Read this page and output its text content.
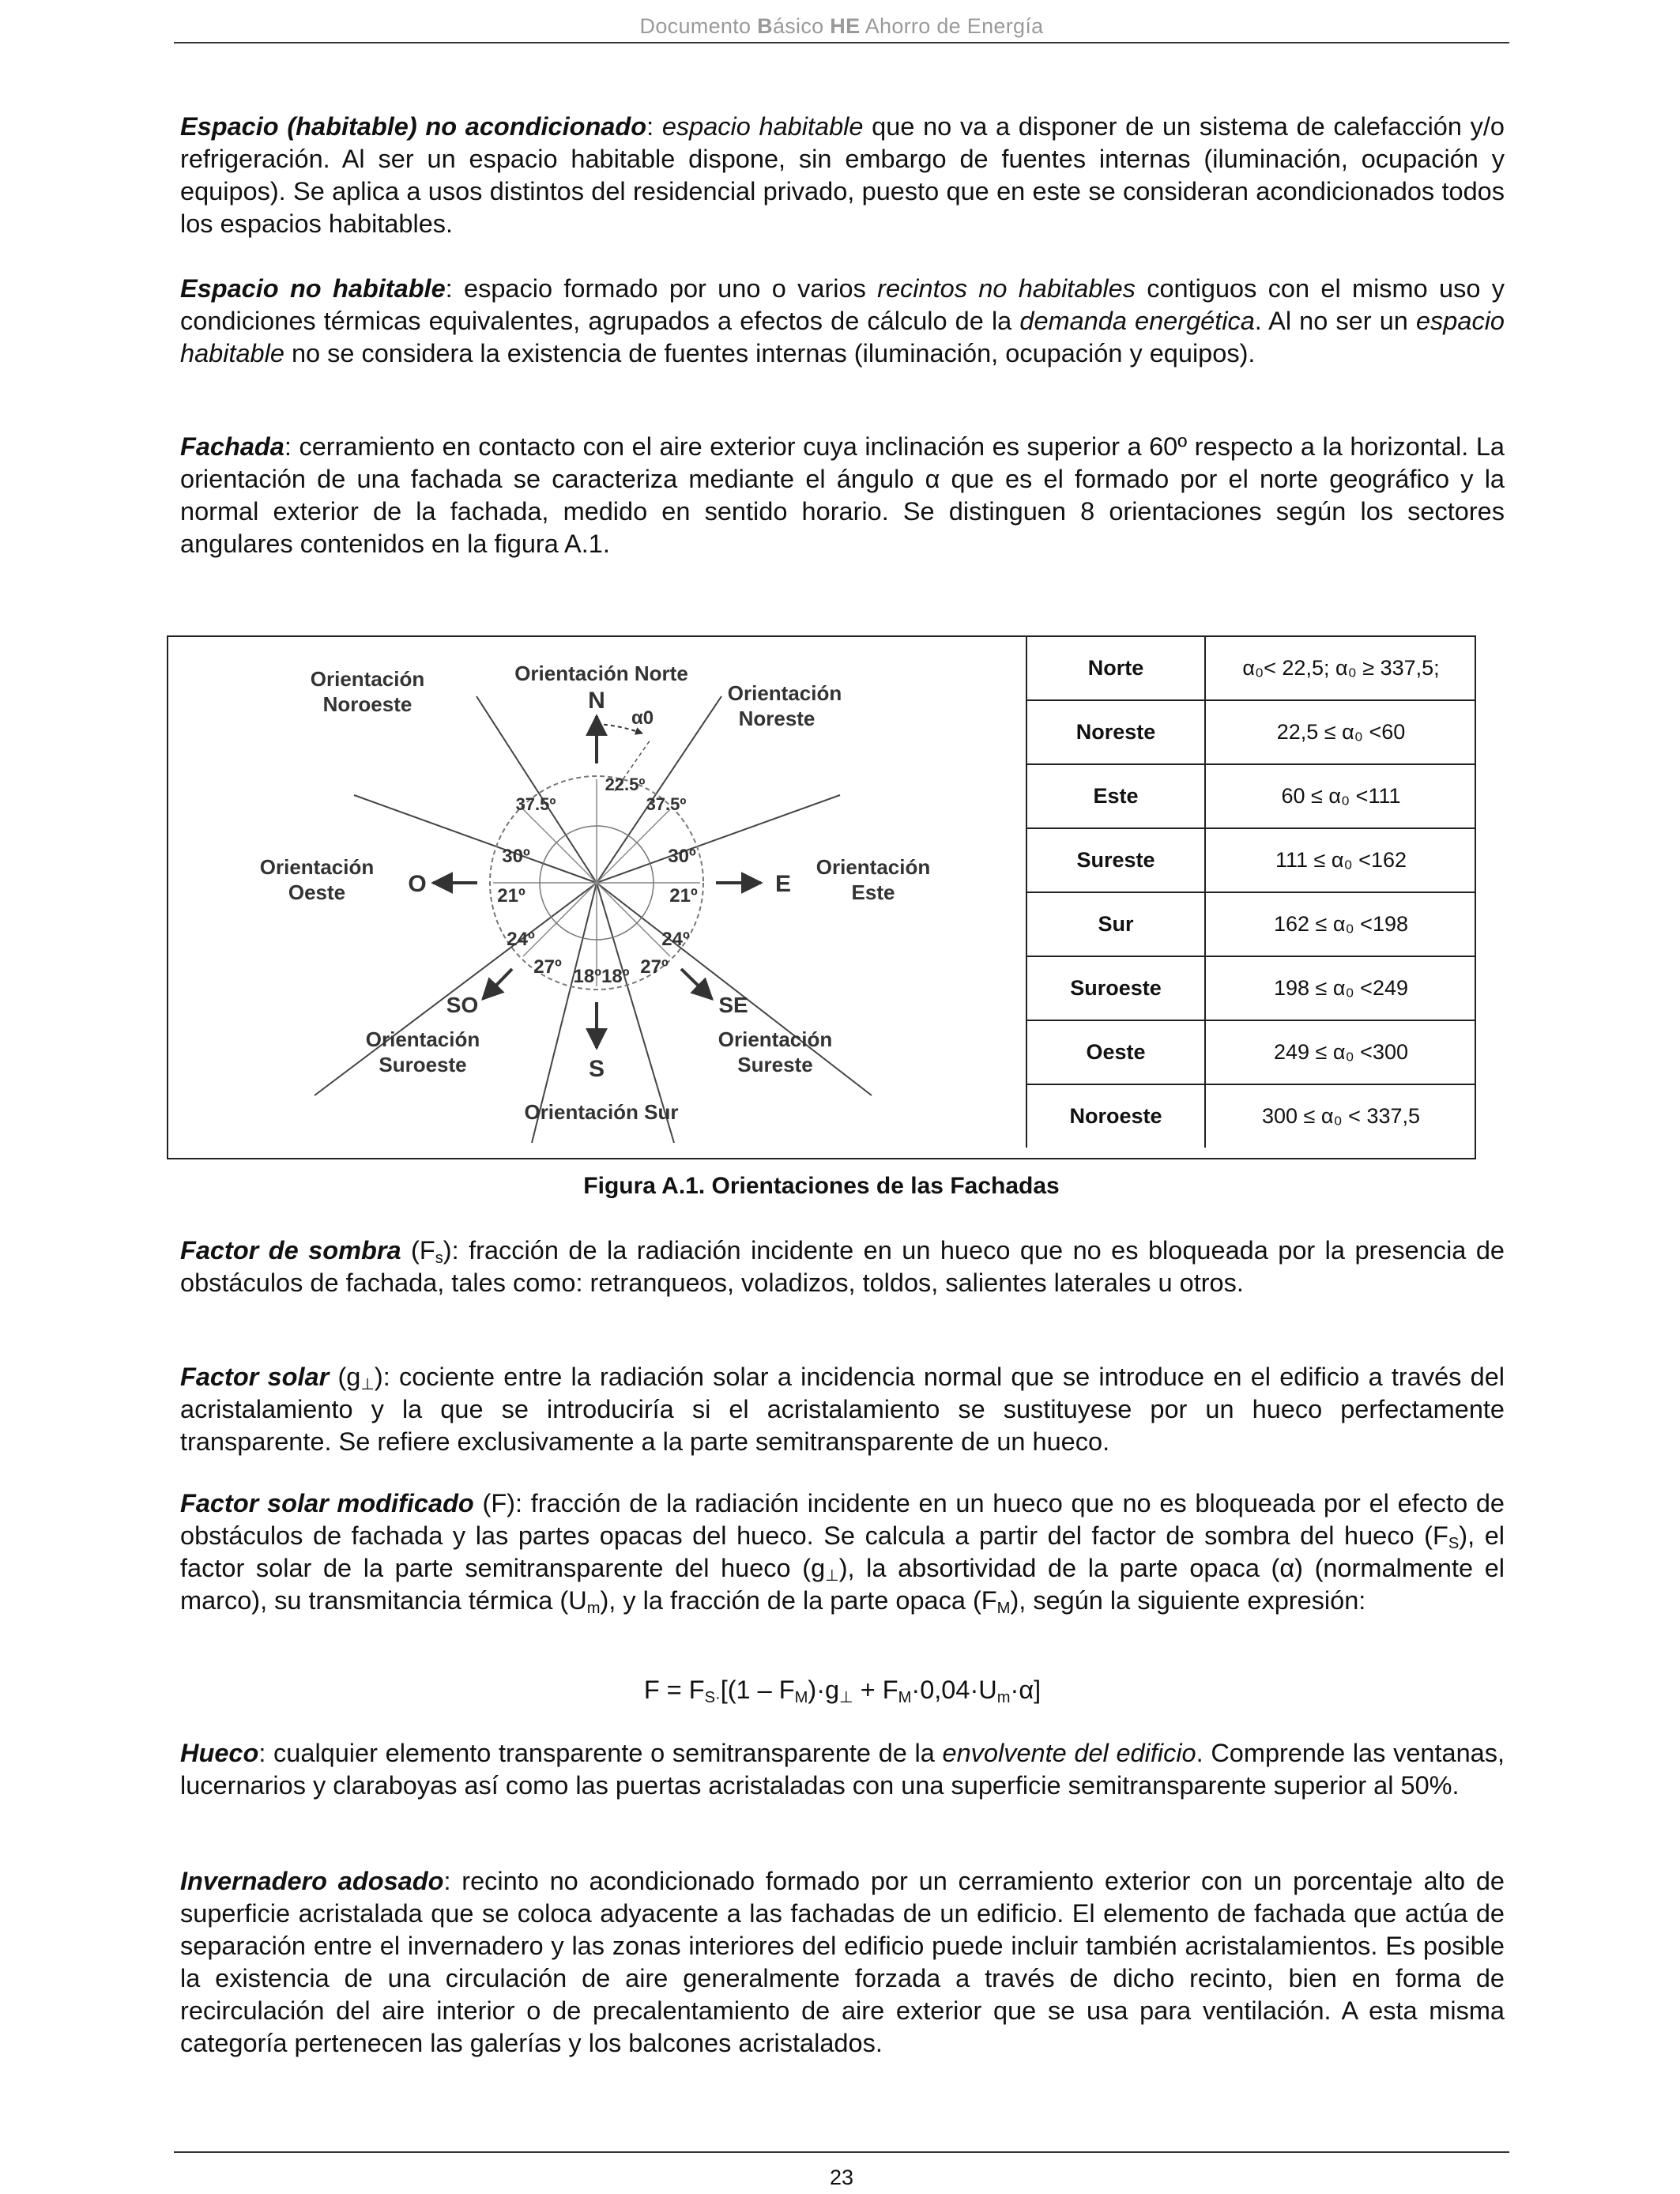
Documento Básico HE Ahorro de Energía

Espacio (habitable) no acondicionado: espacio habitable que no va a disponer de un sistema de calefacción y/o refrigeración. Al ser un espacio habitable dispone, sin embargo de fuentes internas (iluminación, ocupación y equipos). Se aplica a usos distintos del residencial privado, puesto que en este se consideran acondicionados todos los espacios habitables.

Espacio no habitable: espacio formado por uno o varios recintos no habitables contiguos con el mismo uso y condiciones térmicas equivalentes, agrupados a efectos de cálculo de la demanda energética. Al no ser un espacio habitable no se considera la existencia de fuentes internas (iluminación, ocupación y equipos).

Fachada: cerramiento en contacto con el aire exterior cuya inclinación es superior a 60º respecto a la horizontal. La orientación de una fachada se caracteriza mediante el ángulo α que es el formado por el norte geográfico y la normal exterior de la fachada, medido en sentido horario. Se distinguen 8 orientaciones según los sectores angulares contenidos en la figura A.1.

Orientación Norte
Orientación
Noroeste	Orientación
Noreste
Orientación
Oeste
Orientación
Este
Orientación
Suroeste
Orientación
Sureste
Orientación Sur
N
S
E
O
SO	SE
α0
22.5º
37.5º	37.5º
30º	30º
21º	21º
24º	24º
27º	27º
18º18º
Norte	α₀< 22,5; α₀ ≥ 337,5;
Noreste	22,5 ≤ α₀ <60
Este	60 ≤ α₀ <111
Sureste	111 ≤ α₀ <162
Sur	162 ≤ α₀ <198
Suroeste	198 ≤ α₀ <249
Oeste	249 ≤ α₀ <300
Noroeste	300 ≤ α₀ < 337,5
Figura A.1. Orientaciones de las Fachadas

Factor de sombra $(F_s)$: fracción de la radiación incidente en un hueco que no es bloqueada por la presencia de obstáculos de fachada, tales como: retranqueos, voladizos, toldos, salientes laterales u otros.

Factor solar $(g_\perp)$: cociente entre la radiación solar a incidencia normal que se introduce en el edificio a través del acristalamiento y la que se introduciría si el acristalamiento se sustituyese por un hueco perfectamente transparente. Se refiere exclusivamente a la parte semitransparente de un hueco.

Factor solar modificado (F): fracción de la radiación incidente en un hueco que no es bloqueada por el efecto de obstáculos de fachada y las partes opacas del hueco. Se calcula a partir del factor de sombra del hueco $(F_S)$, el factor solar de la parte semitransparente del hueco $(g_\perp)$, la absortividad de la parte opaca (α) (normalmente el marco), su transmitancia térmica $(U_m)$, y la fracción de la parte opaca $(F_M)$, según la siguiente expresión:

$F = F_{S\cdot}[(1 - F_M)\cdot g_\perp + F_M\cdot 0,04\cdot U_m\cdot\alpha]$

Hueco: cualquier elemento transparente o semitransparente de la envolvente del edificio. Comprende las ventanas, lucernarios y claraboyas así como las puertas acristaladas con una superficie semitransparente superior al 50%.

Invernadero adosado: recinto no acondicionado formado por un cerramiento exterior con un porcentaje alto de superficie acristalada que se coloca adyacente a las fachadas de un edificio. El elemento de fachada que actúa de separación entre el invernadero y las zonas interiores del edificio puede incluir también acristalamientos. Es posible la existencia de una circulación de aire generalmente forzada a través de dicho recinto, bien en forma de recirculación del aire interior o de precalentamiento de aire exterior que se usa para ventilación. A esta misma categoría pertenecen las galerías y los balcones acristalados.

23
